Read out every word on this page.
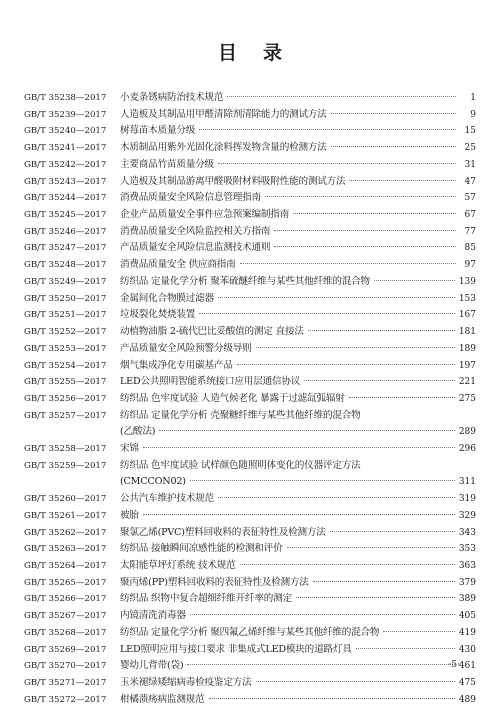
目录
GB/T 35238—2017	小麦条锈病防治技术规范	1
GB/T 35239—2017	人造板及其制品用甲醛清除剂清除能力的测试方法	9
GB/T 35240—2017	树莓苗木质量分级	15
GB/T 35241—2017	木质制品用紫外光固化涂料挥发物含量的检测方法	25
GB/T 35242—2017	主要商品竹苗质量分级	31
GB/T 35243—2017	人造板及其制品游离甲醛吸附材料吸附性能的测试方法	47
GB/T 35244—2017	消费品质量安全风险信息管理指南	57
GB/T 35245—2017	企业产品质量安全事件应急预案编制指南	67
GB/T 35246—2017	消费品质量安全风险监控相关方指南	77
GB/T 35247—2017	产品质量安全风险信息监测技术通则	85
GB/T 35248—2017	消费品质量安全 供应商指南	97
GB/T 35249—2017	纺织品 定量化学分析 聚苯硫醚纤维与某些其他纤维的混合物	139
GB/T 35250—2017	金属间化合物膜过滤器	153
GB/T 35251—2017	垃圾裂化焚烧装置	167
GB/T 35252—2017	动植物油脂 2-硫代巴比妥酸值的测定 直接法	181
GB/T 35253—2017	产品质量安全风险预警分级导则	189
GB/T 35254—2017	烟气集成净化专用碳基产品	197
GB/T 35255—2017	LED公共照明智能系统接口应用层通信协议	221
GB/T 35256—2017	纺织品 色牢度试验 人造气候老化 暴露于过滤氙弧辐射	275
GB/T 35257—2017	纺织品 定量化学分析 壳聚糖纤维与某些其他纤维的混合物
(乙酸法)	289
GB/T 35258—2017	宋锦	296
GB/T 35259—2017	纺织品 色牢度试验 试样颜色随照明体变化的仪器评定方法
(CMCCON02)	311
GB/T 35260—2017	公共汽车维护技术规范	319
GB/T 35261—2017	被胎	329
GB/T 35262—2017	聚氯乙烯(PVC)塑料回收料的表征特性及检测方法	343
GB/T 35263—2017	纺织品 接触瞬间凉感性能的检测和评价	353
GB/T 35264—2017	太阳能草坪灯系统 技术规范	363
GB/T 35265—2017	聚丙烯(PP)塑料回收料的表征特性及检测方法	379
GB/T 35266—2017	纺织品 织物中复合超细纤维开纤率的测定	389
GB/T 35267—2017	内镜清洗消毒器	405
GB/T 35268—2017	纺织品 定量化学分析 聚四氟乙烯纤维与某些其他纤维的混合物	419
GB/T 35269—2017	LED照明应用与接口要求 非集成式LED模块的道路灯具	430
GB/T 35270—2017	婴幼儿背带(袋)	461
GB/T 35271—2017	玉米褪绿矮缩病毒检疫鉴定方法	475
GB/T 35272—2017	柑橘溃疡病监测规范	489
·5·
